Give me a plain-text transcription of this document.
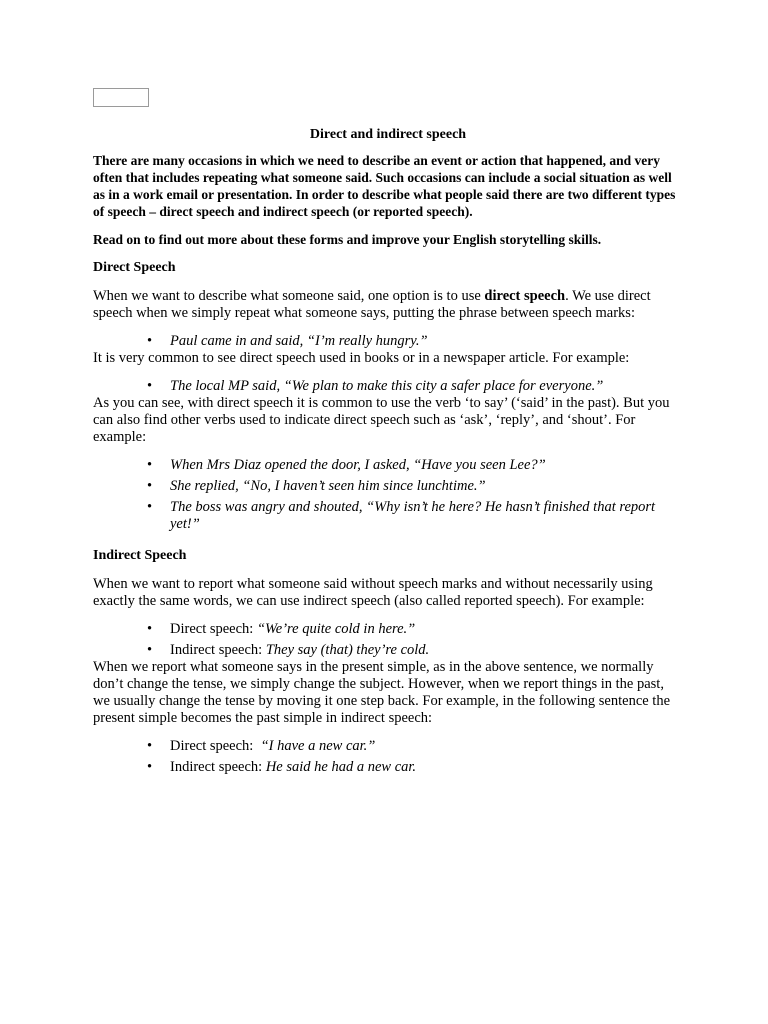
Direct and indirect speech

There are many occasions in which we need to describe an event or action that happened, and very often that includes repeating what someone said. Such occasions can include a social situation as well as in a work email or presentation. In order to describe what people said there are two different types of speech – direct speech and indirect speech (or reported speech).

Read on to find out more about these forms and improve your English storytelling skills.

Direct Speech

When we want to describe what someone said, one option is to use direct speech. We use direct speech when we simply repeat what someone says, putting the phrase between speech marks:

•	Paul came in and said, “I’m really hungry.”

It is very common to see direct speech used in books or in a newspaper article. For example:

•	The local MP said, “We plan to make this city a safer place for everyone.”

As you can see, with direct speech it is common to use the verb ‘to say’ (‘said’ in the past). But you can also find other verbs used to indicate direct speech such as ‘ask’, ‘reply’, and ‘shout’. For example:

•	When Mrs Diaz opened the door, I asked, “Have you seen Lee?”
•	She replied, “No, I haven’t seen him since lunchtime.”
•	The boss was angry and shouted, “Why isn’t he here? He hasn’t finished that report yet!”
Indirect Speech

When we want to report what someone said without speech marks and without necessarily using exactly the same words, we can use indirect speech (also called reported speech). For example:

•	Direct speech: “We’re quite cold in here.”
•	Indirect speech: They say (that) they’re cold.

When we report what someone says in the present simple, as in the above sentence, we normally don’t change the tense, we simply change the subject. However, when we report things in the past, we usually change the tense by moving it one step back. For example, in the following sentence the present simple becomes the past simple in indirect speech:

•	Direct speech:  “I have a new car.”
•	Indirect speech: He said he had a new car.
